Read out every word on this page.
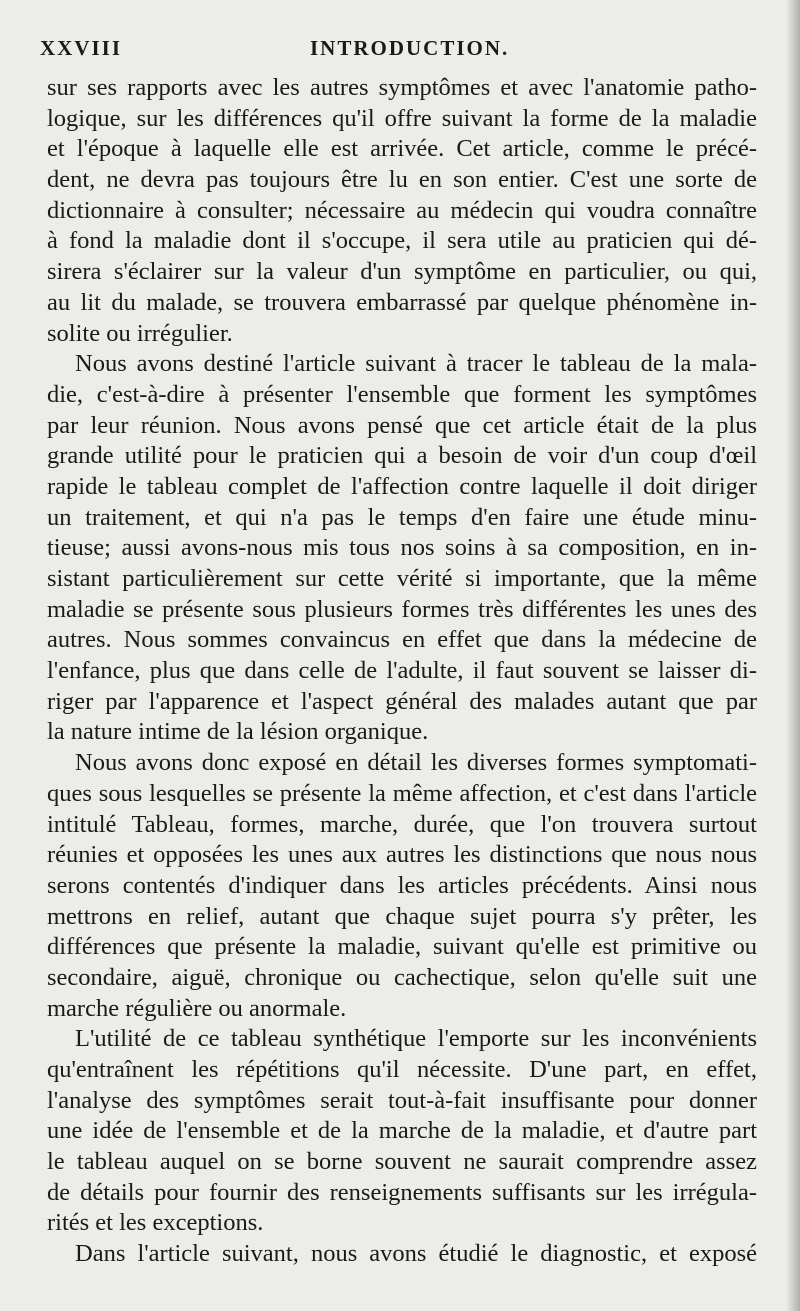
XXVIII	INTRODUCTION.
sur ses rapports avec les autres symptômes et avec l'anatomie patho-
logique, sur les différences qu'il offre suivant la forme de la maladie
et l'époque à laquelle elle est arrivée. Cet article, comme le précé-
dent, ne devra pas toujours être lu en son entier. C'est une sorte de
dictionnaire à consulter; nécessaire au médecin qui voudra connaître
à fond la maladie dont il s'occupe, il sera utile au praticien qui dé-
sirera s'éclairer sur la valeur d'un symptôme en particulier, ou qui,
au lit du malade, se trouvera embarrassé par quelque phénomène in-
solite ou irrégulier.
Nous avons destiné l'article suivant à tracer le tableau de la mala-
die, c'est-à-dire à présenter l'ensemble que forment les symptômes
par leur réunion. Nous avons pensé que cet article était de la plus
grande utilité pour le praticien qui a besoin de voir d'un coup d'œil
rapide le tableau complet de l'affection contre laquelle il doit diriger
un traitement, et qui n'a pas le temps d'en faire une étude minu-
tieuse; aussi avons-nous mis tous nos soins à sa composition, en in-
sistant particulièrement sur cette vérité si importante, que la même
maladie se présente sous plusieurs formes très différentes les unes des
autres. Nous sommes convaincus en effet que dans la médecine de
l'enfance, plus que dans celle de l'adulte, il faut souvent se laisser di-
riger par l'apparence et l'aspect général des malades autant que par
la nature intime de la lésion organique.
Nous avons donc exposé en détail les diverses formes symptomati-
ques sous lesquelles se présente la même affection, et c'est dans l'article
intitulé Tableau, formes, marche, durée, que l'on trouvera surtout
réunies et opposées les unes aux autres les distinctions que nous nous
serons contentés d'indiquer dans les articles précédents. Ainsi nous
mettrons en relief, autant que chaque sujet pourra s'y prêter, les
différences que présente la maladie, suivant qu'elle est primitive ou
secondaire, aiguë, chronique ou cachectique, selon qu'elle suit une
marche régulière ou anormale.
L'utilité de ce tableau synthétique l'emporte sur les inconvénients
qu'entraînent les répétitions qu'il nécessite. D'une part, en effet,
l'analyse des symptômes serait tout-à-fait insuffisante pour donner
une idée de l'ensemble et de la marche de la maladie, et d'autre part
le tableau auquel on se borne souvent ne saurait comprendre assez
de détails pour fournir des renseignements suffisants sur les irrégula-
rités et les exceptions.
Dans l'article suivant, nous avons étudié le diagnostic, et exposé
